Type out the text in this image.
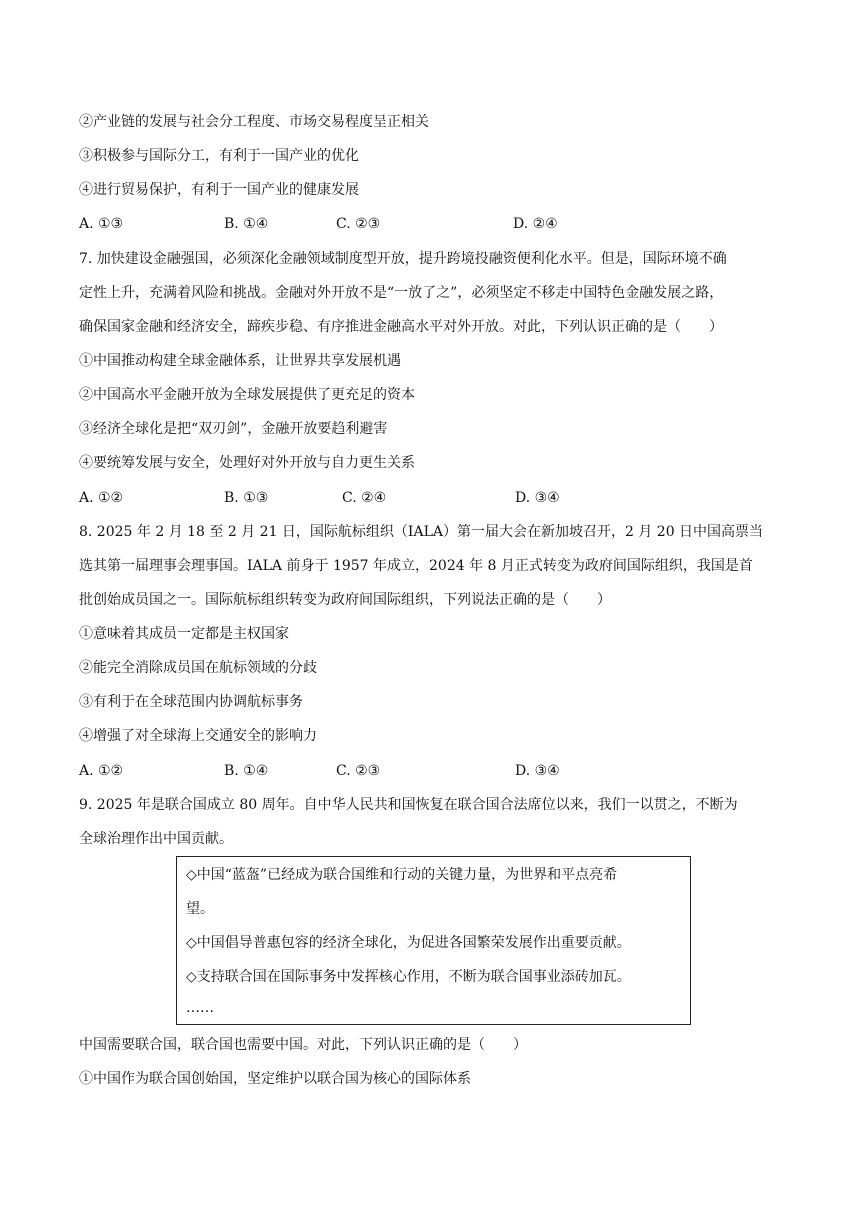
②产业链的发展与社会分工程度、市场交易程度呈正相关
③积极参与国际分工，有利于一国产业的优化
④进行贸易保护，有利于一国产业的健康发展
A. ①③	B. ①④	C. ②③	D. ②④
7. 加快建设金融强国，必须深化金融领域制度型开放，提升跨境投融资便利化水平。但是，国际环境不确
定性上升，充满着风险和挑战。金融对外开放不是“一放了之”，必须坚定不移走中国特色金融发展之路，
确保国家金融和经济安全，蹄疾步稳、有序推进金融高水平对外开放。对此，下列认识正确的是（　　）
①中国推动构建全球金融体系，让世界共享发展机遇
②中国高水平金融开放为全球发展提供了更充足的资本
③经济全球化是把“双刃剑”，金融开放要趋利避害
④要统筹发展与安全，处理好对外开放与自力更生关系
A. ①②	B. ①③	C. ②④	D. ③④
8. 2025 年 2 月 18 至 2 月 21 日，国际航标组织（IALA）第一届大会在新加坡召开，2 月 20 日中国高票当
选其第一届理事会理事国。IALA 前身于 1957 年成立，2024 年 8 月正式转变为政府间国际组织，我国是首
批创始成员国之一。国际航标组织转变为政府间国际组织，下列说法正确的是（　　）
①意味着其成员一定都是主权国家
②能完全消除成员国在航标领域的分歧
③有利于在全球范围内协调航标事务
④增强了对全球海上交通安全的影响力
A. ①②	B. ①④	C. ②③	D. ③④
9. 2025 年是联合国成立 80 周年。自中华人民共和国恢复在联合国合法席位以来，我们一以贯之，不断为
全球治理作出中国贡献。
◇中国“蓝盔”已经成为联合国维和行动的关键力量，为世界和平点亮希
望。
◇中国倡导普惠包容的经济全球化，为促进各国繁荣发展作出重要贡献。
◇支持联合国在国际事务中发挥核心作用，不断为联合国事业添砖加瓦。
……
中国需要联合国，联合国也需要中国。对此，下列认识正确的是（　　）
①中国作为联合国创始国，坚定维护以联合国为核心的国际体系
